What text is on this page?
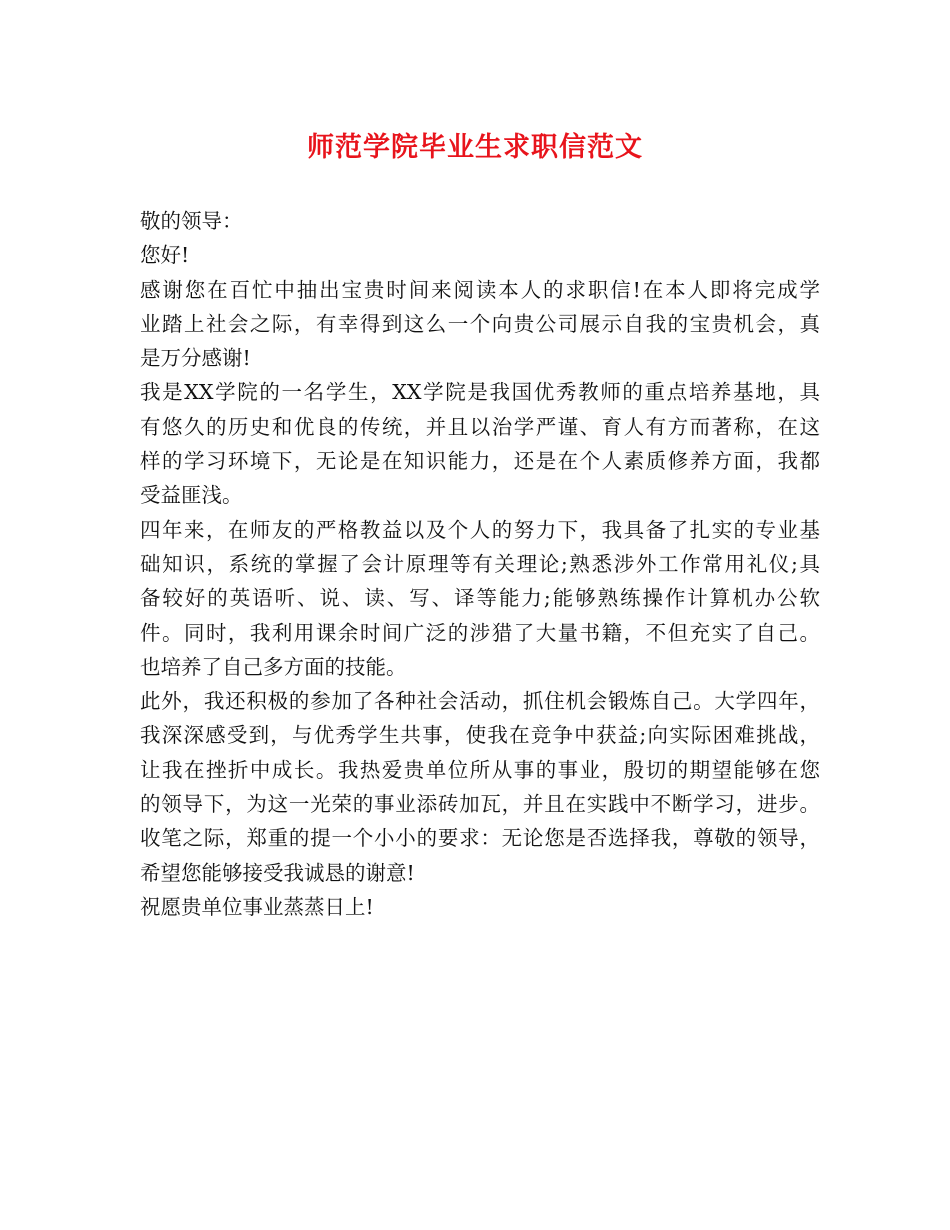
师范学院毕业生求职信范文
敬的领导：
您好!
感谢您在百忙中抽出宝贵时间来阅读本人的求职信!在本人即将完成学
业踏上社会之际，有幸得到这么一个向贵公司展示自我的宝贵机会，真
是万分感谢!
我是XX学院的一名学生，XX学院是我国优秀教师的重点培养基地，具
有悠久的历史和优良的传统，并且以治学严谨、育人有方而著称，在这
样的学习环境下，无论是在知识能力，还是在个人素质修养方面，我都
受益匪浅。
四年来，在师友的严格教益以及个人的努力下，我具备了扎实的专业基
础知识，系统的掌握了会计原理等有关理论;熟悉涉外工作常用礼仪;具
备较好的英语听、说、读、写、译等能力;能够熟练操作计算机办公软
件。同时，我利用课余时间广泛的涉猎了大量书籍，不但充实了自己。
也培养了自己多方面的技能。
此外，我还积极的参加了各种社会活动，抓住机会锻炼自己。大学四年，
我深深感受到，与优秀学生共事，使我在竞争中获益;向实际困难挑战，
让我在挫折中成长。我热爱贵单位所从事的事业，殷切的期望能够在您
的领导下，为这一光荣的事业添砖加瓦，并且在实践中不断学习，进步。
收笔之际，郑重的提一个小小的要求：无论您是否选择我，尊敬的领导，
希望您能够接受我诚恳的谢意!
祝愿贵单位事业蒸蒸日上!
